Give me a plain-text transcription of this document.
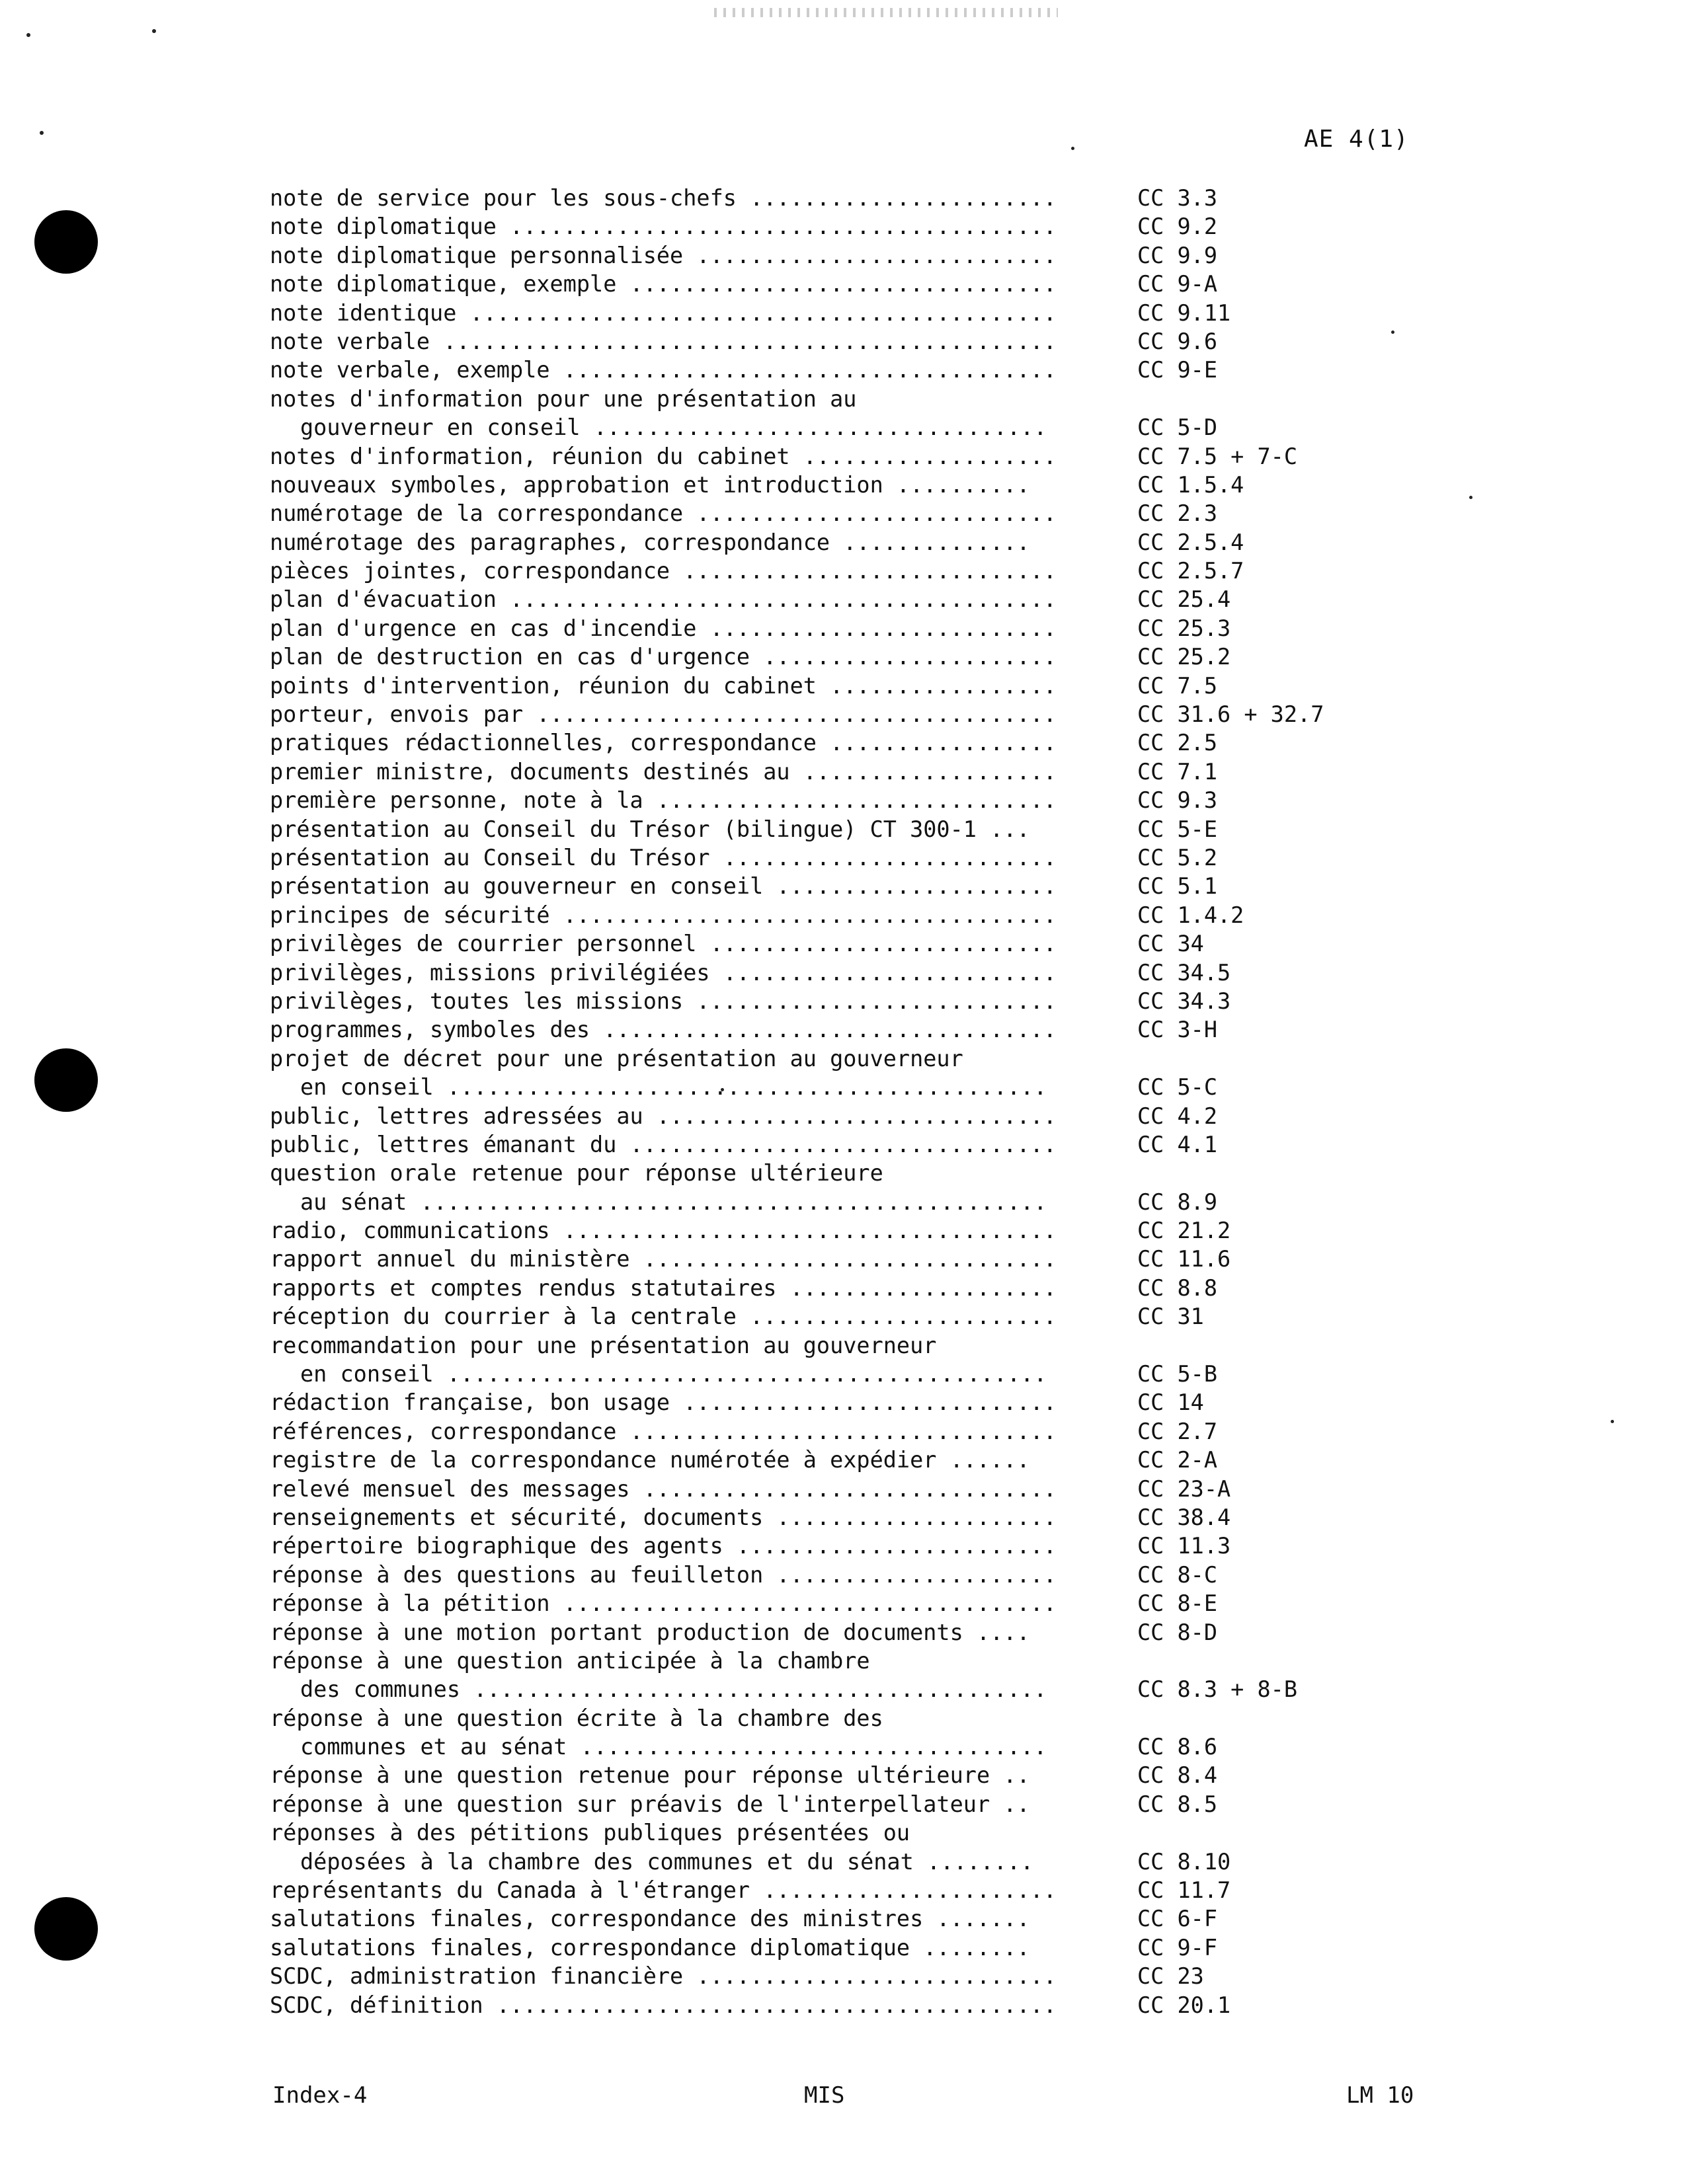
AE 4(1)
note de service pour les sous-chefs .......................	CC 3.3
note diplomatique .........................................	CC 9.2
note diplomatique personnalisée ...........................	CC 9.9
note diplomatique, exemple ................................	CC 9-A
note identique ............................................	CC 9.11
note verbale ..............................................	CC 9.6
note verbale, exemple .....................................	CC 9-E
notes d'information pour une présentation au
gouverneur en conseil ..................................	CC 5-D
notes d'information, réunion du cabinet ...................	CC 7.5 + 7-C
nouveaux symboles, approbation et introduction ..........	CC 1.5.4
numérotage de la correspondance ...........................	CC 2.3
numérotage des paragraphes, correspondance ..............	CC 2.5.4
pièces jointes, correspondance ............................	CC 2.5.7
plan d'évacuation .........................................	CC 25.4
plan d'urgence en cas d'incendie ..........................	CC 25.3
plan de destruction en cas d'urgence ......................	CC 25.2
points d'intervention, réunion du cabinet .................	CC 7.5
porteur, envois par .......................................	CC 31.6 + 32.7
pratiques rédactionnelles, correspondance .................	CC 2.5
premier ministre, documents destinés au ...................	CC 7.1
première personne, note à la ..............................	CC 9.3
présentation au Conseil du Trésor (bilingue) CT 300-1 ...	CC 5-E
présentation au Conseil du Trésor .........................	CC 5.2
présentation au gouverneur en conseil .....................	CC 5.1
principes de sécurité .....................................	CC 1.4.2
privilèges de courrier personnel ..........................	CC 34
privilèges, missions privilégiées .........................	CC 34.5
privilèges, toutes les missions ...........................	CC 34.3
programmes, symboles des ..................................	CC 3-H
projet de décret pour une présentation au gouverneur
en conseil .............................................	CC 5-C
public, lettres adressées au ..............................	CC 4.2
public, lettres émanant du ................................	CC 4.1
question orale retenue pour réponse ultérieure
au sénat ...............................................	CC 8.9
radio, communications .....................................	CC 21.2
rapport annuel du ministère ...............................	CC 11.6
rapports et comptes rendus statutaires ....................	CC 8.8
réception du courrier à la centrale .......................	CC 31
recommandation pour une présentation au gouverneur
en conseil .............................................	CC 5-B
rédaction française, bon usage ............................	CC 14
références, correspondance ................................	CC 2.7
registre de la correspondance numérotée à expédier ......	CC 2-A
relevé mensuel des messages ...............................	CC 23-A
renseignements et sécurité, documents .....................	CC 38.4
répertoire biographique des agents ........................	CC 11.3
réponse à des questions au feuilleton .....................	CC 8-C
réponse à la pétition .....................................	CC 8-E
réponse à une motion portant production de documents ....	CC 8-D
réponse à une question anticipée à la chambre
des communes ...........................................	CC 8.3 + 8-B
réponse à une question écrite à la chambre des
communes et au sénat ...................................	CC 8.6
réponse à une question retenue pour réponse ultérieure ..	CC 8.4
réponse à une question sur préavis de l'interpellateur ..	CC 8.5
réponses à des pétitions publiques présentées ou
déposées à la chambre des communes et du sénat ........	CC 8.10
représentants du Canada à l'étranger ......................	CC 11.7
salutations finales, correspondance des ministres .......	CC 6-F
salutations finales, correspondance diplomatique ........	CC 9-F
SCDC, administration financière ...........................	CC 23
SCDC, définition ..........................................	CC 20.1
Index-4	MIS	LM 10
